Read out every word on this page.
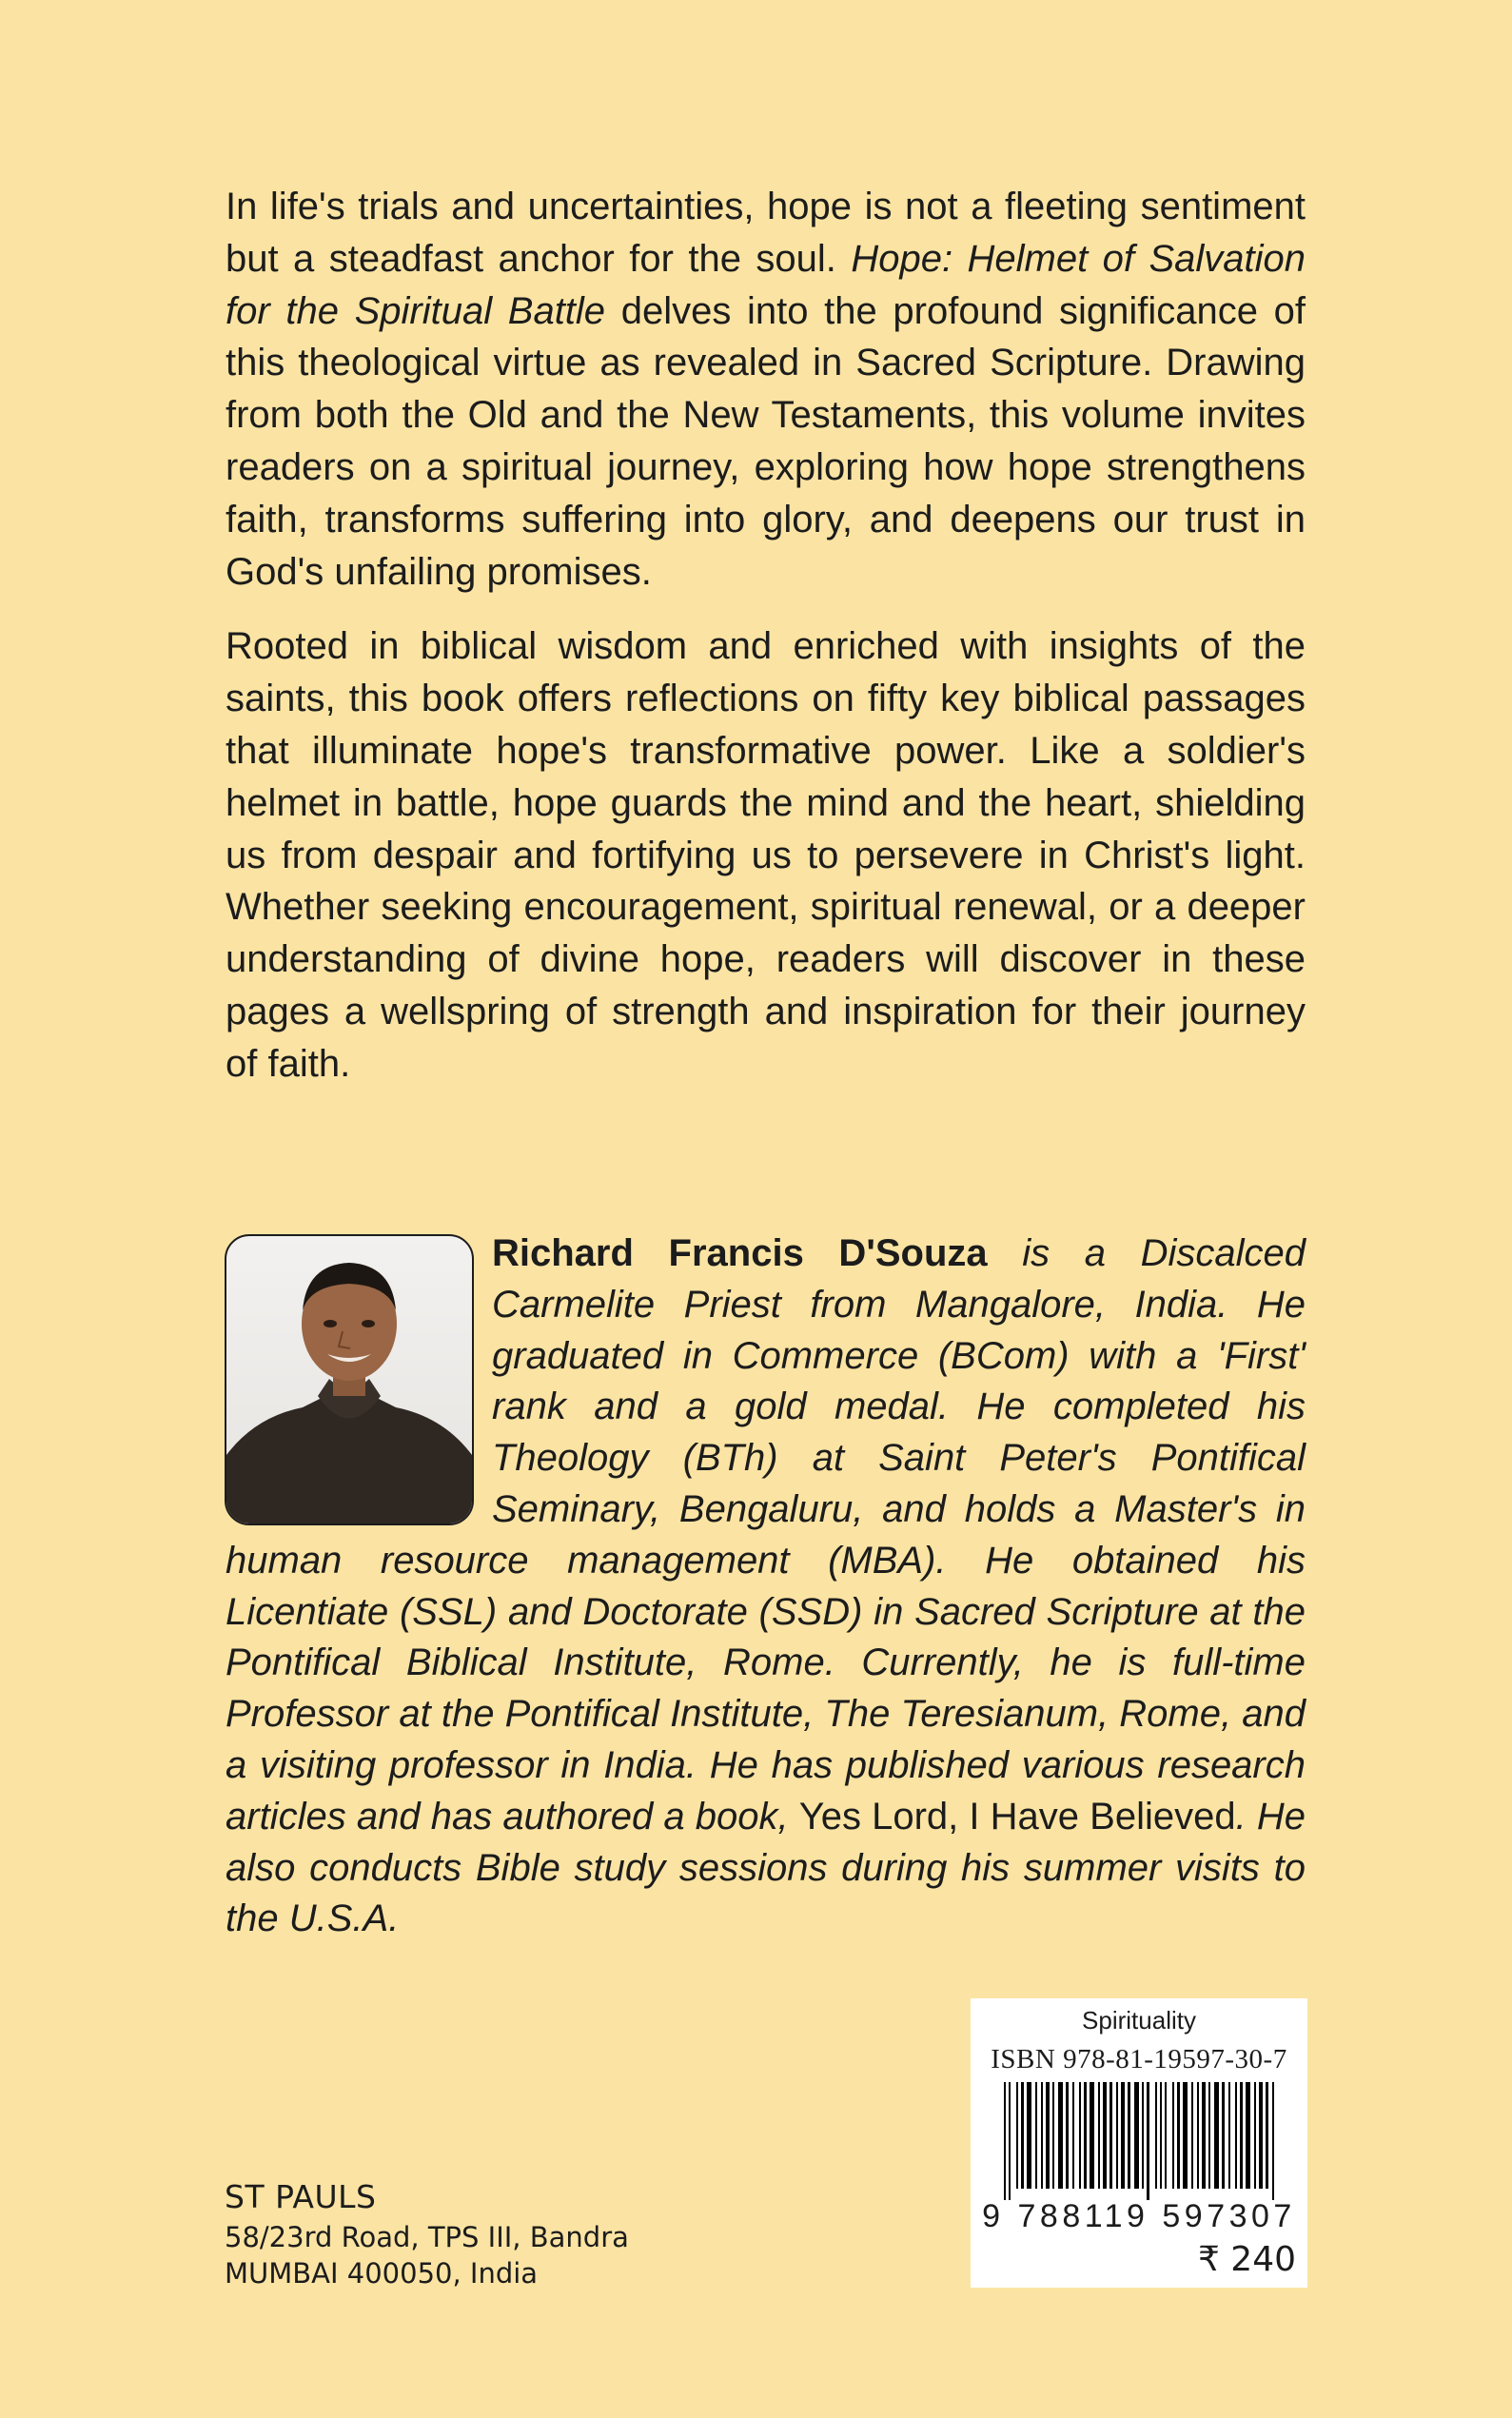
In life's trials and uncertainties, hope is not a fleeting sentiment but a steadfast anchor for the soul. Hope: Helmet of Salvation for the Spiritual Battle delves into the profound significance of this theological virtue as revealed in Sacred Scripture. Drawing from both the Old and the New Testaments, this volume invites readers on a spiritual journey, exploring how hope strengthens faith, transforms suffering into glory, and deepens our trust in God's unfailing promises.

Rooted in biblical wisdom and enriched with insights of the saints, this book offers reflections on fifty key biblical passages that illuminate hope's transformative power. Like a soldier's helmet in battle, hope guards the mind and the heart, shielding us from despair and fortifying us to persevere in Christ's light. Whether seeking encouragement, spiritual renewal, or a deeper understanding of divine hope, readers will discover in these pages a wellspring of strength and inspiration for their journey of faith.

Richard Francis D'Souza is a Discalced Carmelite Priest from Mangalore, India. He graduated in Commerce (BCom) with a 'First' rank and a gold medal. He completed his Theology (BTh) at Saint Peter's Pontifical Seminary, Bengaluru, and holds a Master's in human resource management (MBA). He obtained his Licentiate (SSL) and Doctorate (SSD) in Sacred Scripture at the Pontifical Biblical Institute, Rome. Currently, he is full-time Professor at the Pontifical Institute, The Teresianum, Rome, and a visiting professor in India. He has published various research articles and has authored a book, Yes Lord, I Have Believed. He also conducts Bible study sessions during his summer visits to the U.S.A.

Spirituality
ISBN 978-81-19597-30-7
9 788119 597307
₹ 240
ST PAULS
58/23rd Road, TPS III, Bandra
MUMBAI 400050, India
